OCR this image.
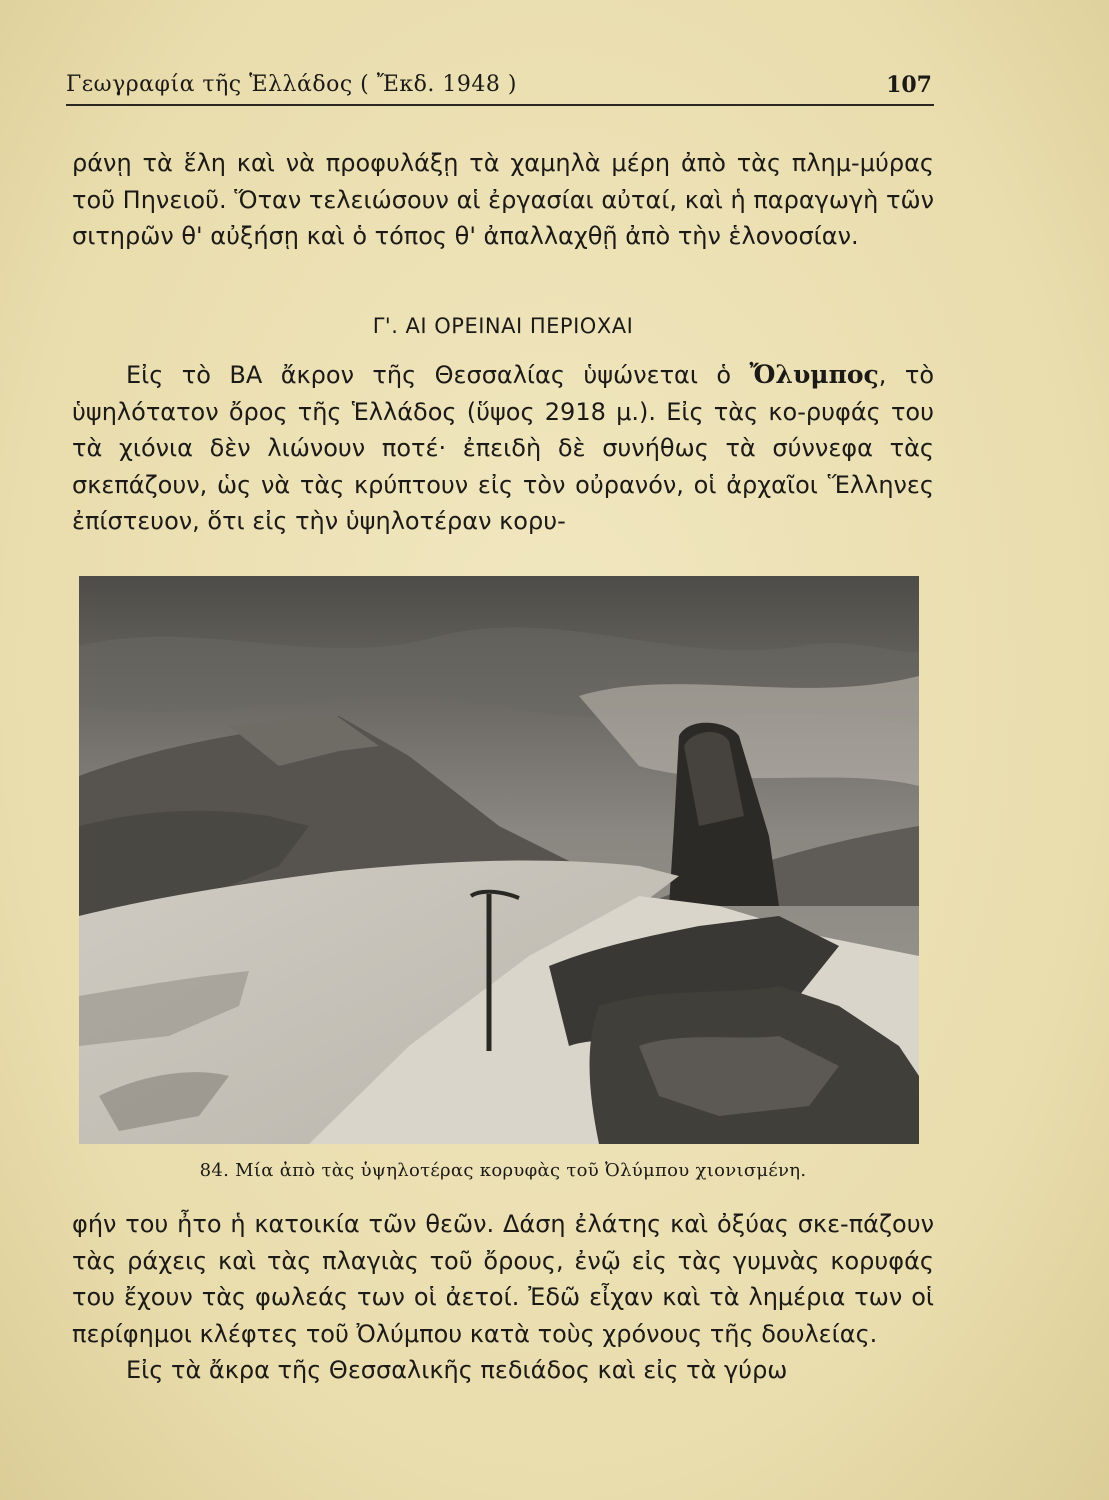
Γεωγραφία τῆς Ἑλλάδος ( Ἔκδ. 1948 )	107

ράνῃ τὰ ἕλη καὶ νὰ προφυλάξῃ τὰ χαμηλὰ μέρη ἀπὸ τὰς πλημ-μύρας τοῦ Πηνειοῦ. Ὅταν τελειώσουν αἱ ἐργασίαι αὐταί, καὶ ἡ παραγωγὴ τῶν σιτηρῶν θ' αὐξήσῃ καὶ ὁ τόπος θ' ἀπαλλαχθῇ ἀπὸ τὴν ἑλονοσίαν.

Γ'. ΑΙ ΟΡΕΙΝΑΙ ΠΕΡΙΟΧΑΙ

Εἰς τὸ ΒΑ ἄκρον τῆς Θεσσαλίας ὑψώνεται ὁ Ὄλυμπος, τὸ ὑψηλότατον ὄρος τῆς Ἑλλάδος (ὕψος 2918 μ.). Εἰς τὰς κο-ρυφάς του τὰ χιόνια δὲν λιώνουν ποτέ· ἐπειδὴ δὲ συνήθως τὰ σύννεφα τὰς σκεπάζουν, ὡς νὰ τὰς κρύπτουν εἰς τὸν οὐρανόν, οἱ ἀρχαῖοι Ἕλληνες ἐπίστευον, ὅτι εἰς τὴν ὑψηλοτέραν κορυ-

84. Μία ἀπὸ τὰς ὑψηλοτέρας κορυφὰς τοῦ Ὀλύμπου χιονισμένη.

φήν του ἦτο ἡ κατοικία τῶν θεῶν. Δάση ἐλάτης καὶ ὀξύας σκε-πάζουν τὰς ράχεις καὶ τὰς πλαγιὰς τοῦ ὄρους, ἐνῷ εἰς τὰς γυμνὰς κορυφάς του ἔχουν τὰς φωλεάς των οἱ ἀετοί. Ἐδῶ εἶχαν καὶ τὰ λημέρια των οἱ περίφημοι κλέφτες τοῦ Ὀλύμπου κατὰ τοὺς χρόνους τῆς δουλείας.

Εἰς τὰ ἄκρα τῆς Θεσσαλικῆς πεδιάδος καὶ εἰς τὰ γύρω
